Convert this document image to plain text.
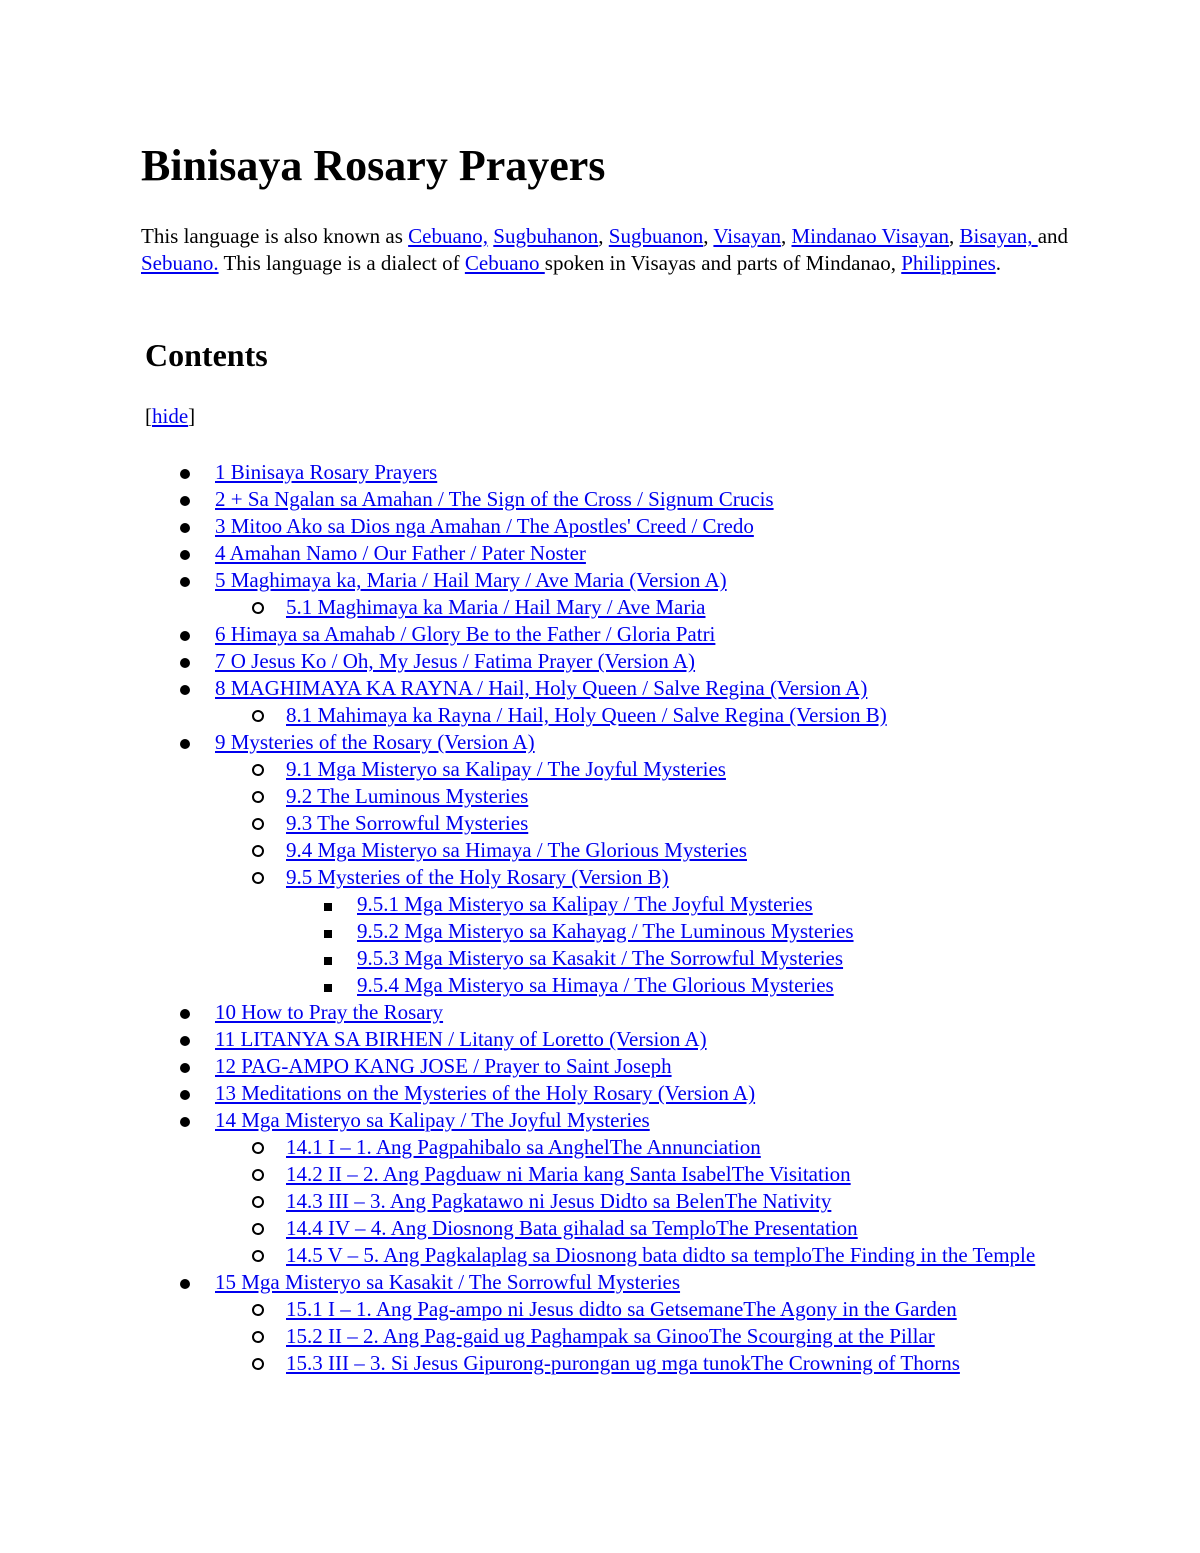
Binisaya Rosary Prayers

This language is also known as Cebuano, Sugbuhanon, Sugbuanon, Visayan, Mindanao Visayan, Bisayan, and Sebuano. This language is a dialect of Cebuano spoken in Visayas and parts of Mindanao, Philippines.

Contents

[hide]

1 Binisaya Rosary Prayers
2 + Sa Ngalan sa Amahan / The Sign of the Cross / Signum Crucis
3 Mitoo Ako sa Dios nga Amahan / The Apostles' Creed / Credo
4 Amahan Namo / Our Father / Pater Noster
5 Maghimaya ka, Maria / Hail Mary / Ave Maria (Version A)
5.1 Maghimaya ka Maria / Hail Mary / Ave Maria
6 Himaya sa Amahab / Glory Be to the Father / Gloria Patri
7 O Jesus Ko / Oh, My Jesus / Fatima Prayer (Version A)
8 MAGHIMAYA KA RAYNA / Hail, Holy Queen / Salve Regina (Version A)
8.1 Mahimaya ka Rayna / Hail, Holy Queen / Salve Regina (Version B)
9 Mysteries of the Rosary (Version A)
9.1 Mga Misteryo sa Kalipay / The Joyful Mysteries
9.2 The Luminous Mysteries
9.3 The Sorrowful Mysteries
9.4 Mga Misteryo sa Himaya / The Glorious Mysteries
9.5 Mysteries of the Holy Rosary (Version B)
9.5.1 Mga Misteryo sa Kalipay / The Joyful Mysteries
9.5.2 Mga Misteryo sa Kahayag / The Luminous Mysteries
9.5.3 Mga Misteryo sa Kasakit / The Sorrowful Mysteries
9.5.4 Mga Misteryo sa Himaya / The Glorious Mysteries
10 How to Pray the Rosary
11 LITANYA SA BIRHEN / Litany of Loretto (Version A)
12 PAG-AMPO KANG JOSE / Prayer to Saint Joseph
13 Meditations on the Mysteries of the Holy Rosary (Version A)
14 Mga Misteryo sa Kalipay / The Joyful Mysteries
14.1 I – 1. Ang Pagpahibalo sa AnghelThe Annunciation
14.2 II – 2. Ang Pagduaw ni Maria kang Santa IsabelThe Visitation
14.3 III – 3. Ang Pagkatawo ni Jesus Didto sa BelenThe Nativity
14.4 IV – 4. Ang Diosnong Bata gihalad sa TemploThe Presentation
14.5 V – 5. Ang Pagkalaplag sa Diosnong bata didto sa temploThe Finding in the Temple
15 Mga Misteryo sa Kasakit / The Sorrowful Mysteries
15.1 I – 1. Ang Pag-ampo ni Jesus didto sa GetsemaneThe Agony in the Garden
15.2 II – 2. Ang Pag-gaid ug Paghampak sa GinooThe Scourging at the Pillar
15.3 III – 3. Si Jesus Gipurong-purongan ug mga tunokThe Crowning of Thorns
